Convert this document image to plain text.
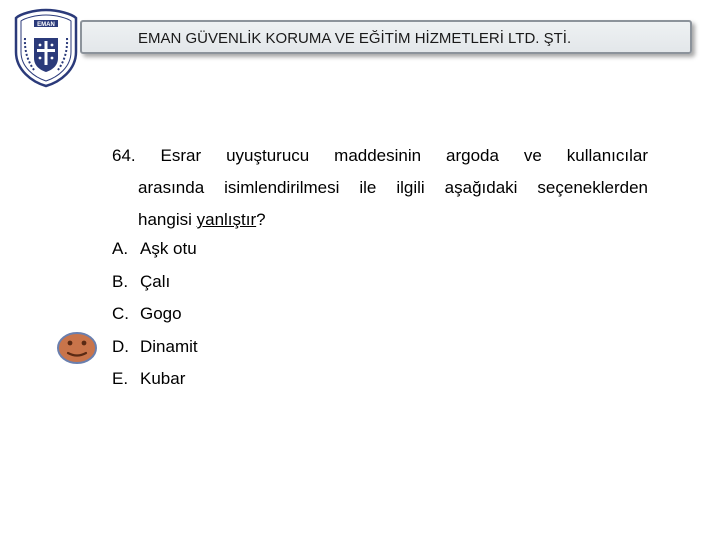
EMAN
EMAN GÜVENLİK KORUMA VE EĞİTİM HİZMETLERİ LTD. ŞTİ.
64. Esrar uyuşturucu maddesinin argoda ve kullanıcılar
arasında isimlendirilmesi ile ilgili aşağıdaki seçeneklerden
hangisi yanlıştır?
A. Aşk otu
B. Çalı
C. Gogo
D. Dinamit
E. Kubar
